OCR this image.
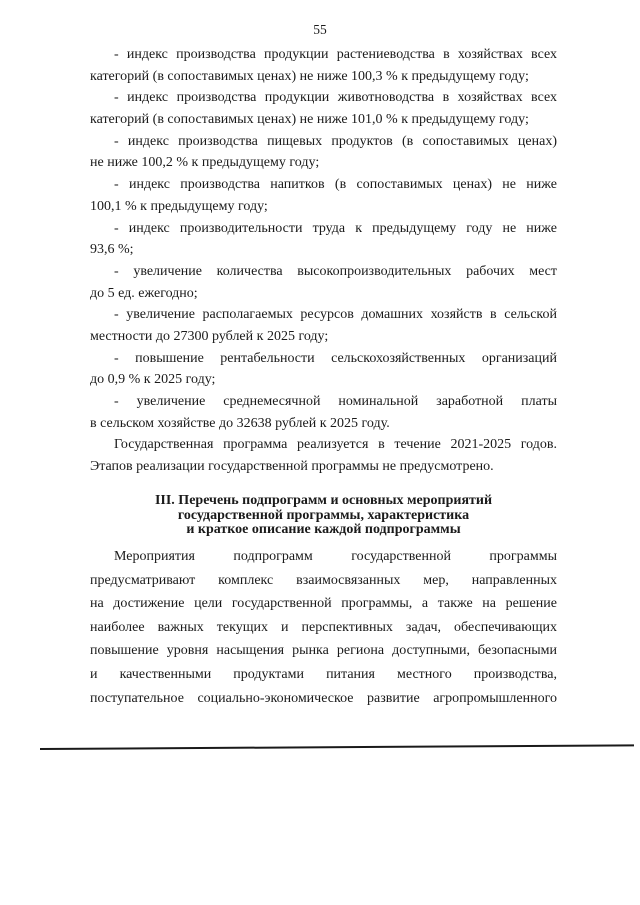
55
- индекс производства продукции растениеводства в хозяйствах всех
категорий (в сопоставимых ценах) не ниже 100,3 % к предыдущему году;
- индекс производства продукции животноводства в хозяйствах всех
категорий (в сопоставимых ценах) не ниже 101,0 % к предыдущему году;
- индекс производства пищевых продуктов (в сопоставимых ценах)
не ниже 100,2 % к предыдущему году;
- индекс производства напитков (в сопоставимых ценах) не ниже
100,1 % к предыдущему году;
- индекс производительности труда к предыдущему году не ниже
93,6 %;
- увеличение количества высокопроизводительных рабочих мест
до 5 ед. ежегодно;
- увеличение располагаемых ресурсов домашних хозяйств в сельской
местности до 27300 рублей к 2025 году;
- повышение рентабельности сельскохозяйственных организаций
до 0,9 % к 2025 году;
- увеличение среднемесячной номинальной заработной платы
в сельском хозяйстве до 32638 рублей к 2025 году.
Государственная программа реализуется в течение 2021-2025 годов.
Этапов реализации государственной программы не предусмотрено.
III. Перечень подпрограмм и основных мероприятий
государственной программы, характеристика
и краткое описание каждой подпрограммы
Мероприятия подпрограмм государственной программы
предусматривают комплекс взаимосвязанных мер, направленных
на достижение цели государственной программы, а также на решение
наиболее важных текущих и перспективных задач, обеспечивающих
повышение уровня насыщения рынка региона доступными, безопасными
и качественными продуктами питания местного производства,
поступательное социально-экономическое развитие агропромышленного
